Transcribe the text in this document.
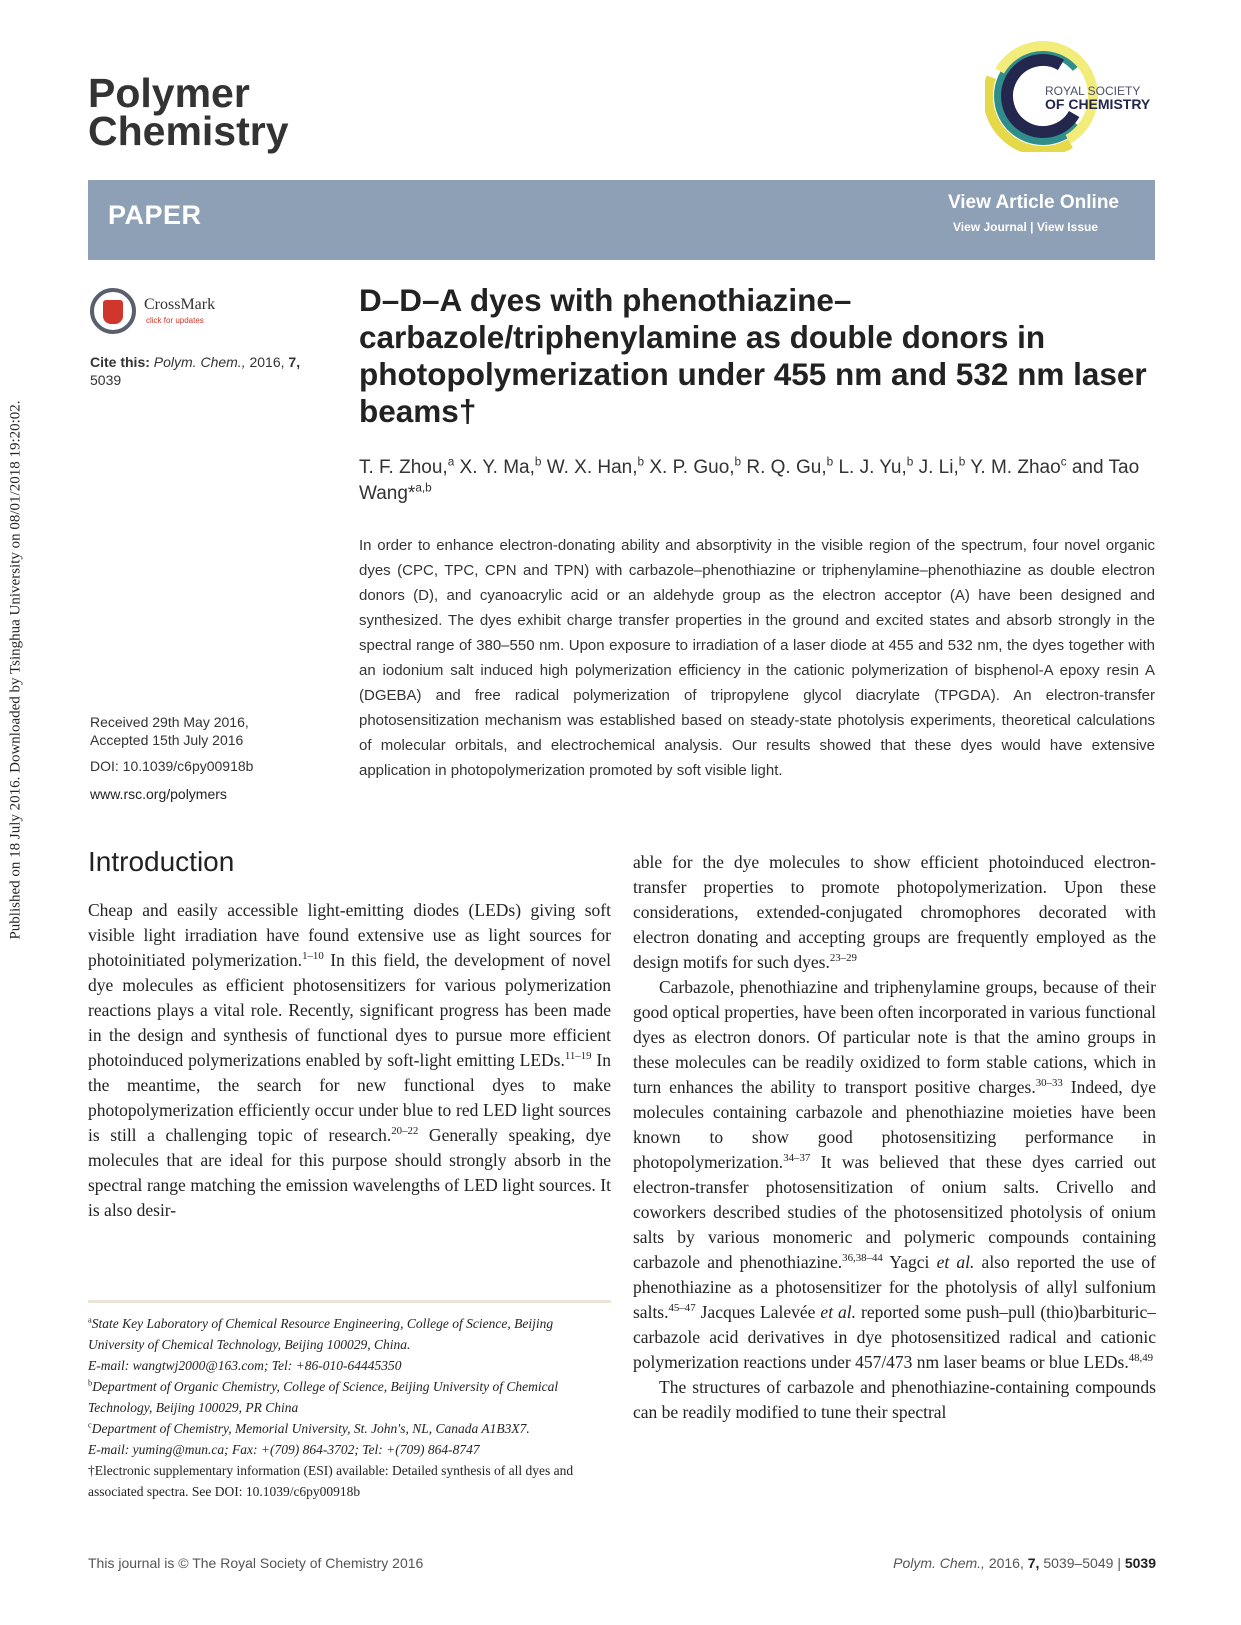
Published on 18 July 2016. Downloaded by Tsinghua University on 08/01/2018 19:20:02.
Polymer
Chemistry
ROYAL SOCIETY
OF CHEMISTRY
PAPER	View Article Online
View Journal | View Issue
CrossMark
click for updates
Cite this: Polym. Chem., 2016, 7,
5039
Received 29th May 2016,
Accepted 15th July 2016
DOI: 10.1039/c6py00918b
www.rsc.org/polymers
D–D–A dyes with phenothiazine–carbazole/triphenylamine as double donors in photopolymerization under 455 nm and 532 nm laser beams†
T. F. Zhou,$^a$ X. Y. Ma,$^b$ W. X. Han,$^b$ X. P. Guo,$^b$ R. Q. Gu,$^b$ L. J. Yu,$^b$ J. Li,$^b$ Y. M. Zhao$^c$ and Tao Wang*$^{a,b}$
In order to enhance electron-donating ability and absorptivity in the visible region of the spectrum, four novel organic dyes (CPC, TPC, CPN and TPN) with carbazole–phenothiazine or triphenylamine–phenothiazine as double electron donors (D), and cyanoacrylic acid or an aldehyde group as the electron acceptor (A) have been designed and synthesized. The dyes exhibit charge transfer properties in the ground and excited states and absorb strongly in the spectral range of 380–550 nm. Upon exposure to irradiation of a laser diode at 455 and 532 nm, the dyes together with an iodonium salt induced high polymerization efficiency in the cationic polymerization of bisphenol-A epoxy resin A (DGEBA) and free radical polymerization of tripropylene glycol diacrylate (TPGDA). An electron-transfer photosensitization mechanism was established based on steady-state photolysis experiments, theoretical calculations of molecular orbitals, and electrochemical analysis. Our results showed that these dyes would have extensive application in photopolymerization promoted by soft visible light.
Introduction

Cheap and easily accessible light-emitting diodes (LEDs) giving soft visible light irradiation have found extensive use as light sources for photoinitiated polymerization.$^{1-10}$ In this field, the development of novel dye molecules as efficient photosensitizers for various polymerization reactions plays a vital role. Recently, significant progress has been made in the design and synthesis of functional dyes to pursue more efficient photoinduced polymerizations enabled by soft-light emitting LEDs.$^{11-19}$ In the meantime, the search for new functional dyes to make photopolymerization efficiently occur under blue to red LED light sources is still a challenging topic of research.$^{20-22}$ Generally speaking, dye molecules that are ideal for this purpose should strongly absorb in the spectral range matching the emission wavelengths of LED light sources. It is also desir-

able for the dye molecules to show efficient photoinduced electron-transfer properties to promote photopolymerization. Upon these considerations, extended-conjugated chromophores decorated with electron donating and accepting groups are frequently employed as the design motifs for such dyes.$^{23-29}$

Carbazole, phenothiazine and triphenylamine groups, because of their good optical properties, have been often incorporated in various functional dyes as electron donors. Of particular note is that the amino groups in these molecules can be readily oxidized to form stable cations, which in turn enhances the ability to transport positive charges.$^{30-33}$ Indeed, dye molecules containing carbazole and phenothiazine moieties have been known to show good photosensitizing performance in photopolymerization.$^{34-37}$ It was believed that these dyes carried out electron-transfer photosensitization of onium salts. Crivello and coworkers described studies of the photosensitized photolysis of onium salts by various monomeric and polymeric compounds containing carbazole and phenothiazine.$^{36,38-44}$ Yagci et al. also reported the use of phenothiazine as a photosensitizer for the photolysis of allyl sulfonium salts.$^{45-47}$ Jacques Lalevée et al. reported some push–pull (thio)barbituric–carbazole acid derivatives in dye photosensitized radical and cationic polymerization reactions under 457/473 nm laser beams or blue LEDs.$^{48,49}$

The structures of carbazole and phenothiazine-containing compounds can be readily modified to tune their spectral

$^a$State Key Laboratory of Chemical Resource Engineering, College of Science, Beijing University of Chemical Technology, Beijing 100029, China.
E-mail: wangtwj2000@163.com; Tel: +86-010-64445350

$^b$Department of Organic Chemistry, College of Science, Beijing University of Chemical Technology, Beijing 100029, PR China

$^c$Department of Chemistry, Memorial University, St. John's, NL, Canada A1B3X7.
E-mail: yuming@mun.ca; Fax: +(709) 864-3702; Tel: +(709) 864-8747

†Electronic supplementary information (ESI) available: Detailed synthesis of all dyes and associated spectra. See DOI: 10.1039/c6py00918b

This journal is © The Royal Society of Chemistry 2016	Polym. Chem., 2016, 7, 5039–5049 | 5039
